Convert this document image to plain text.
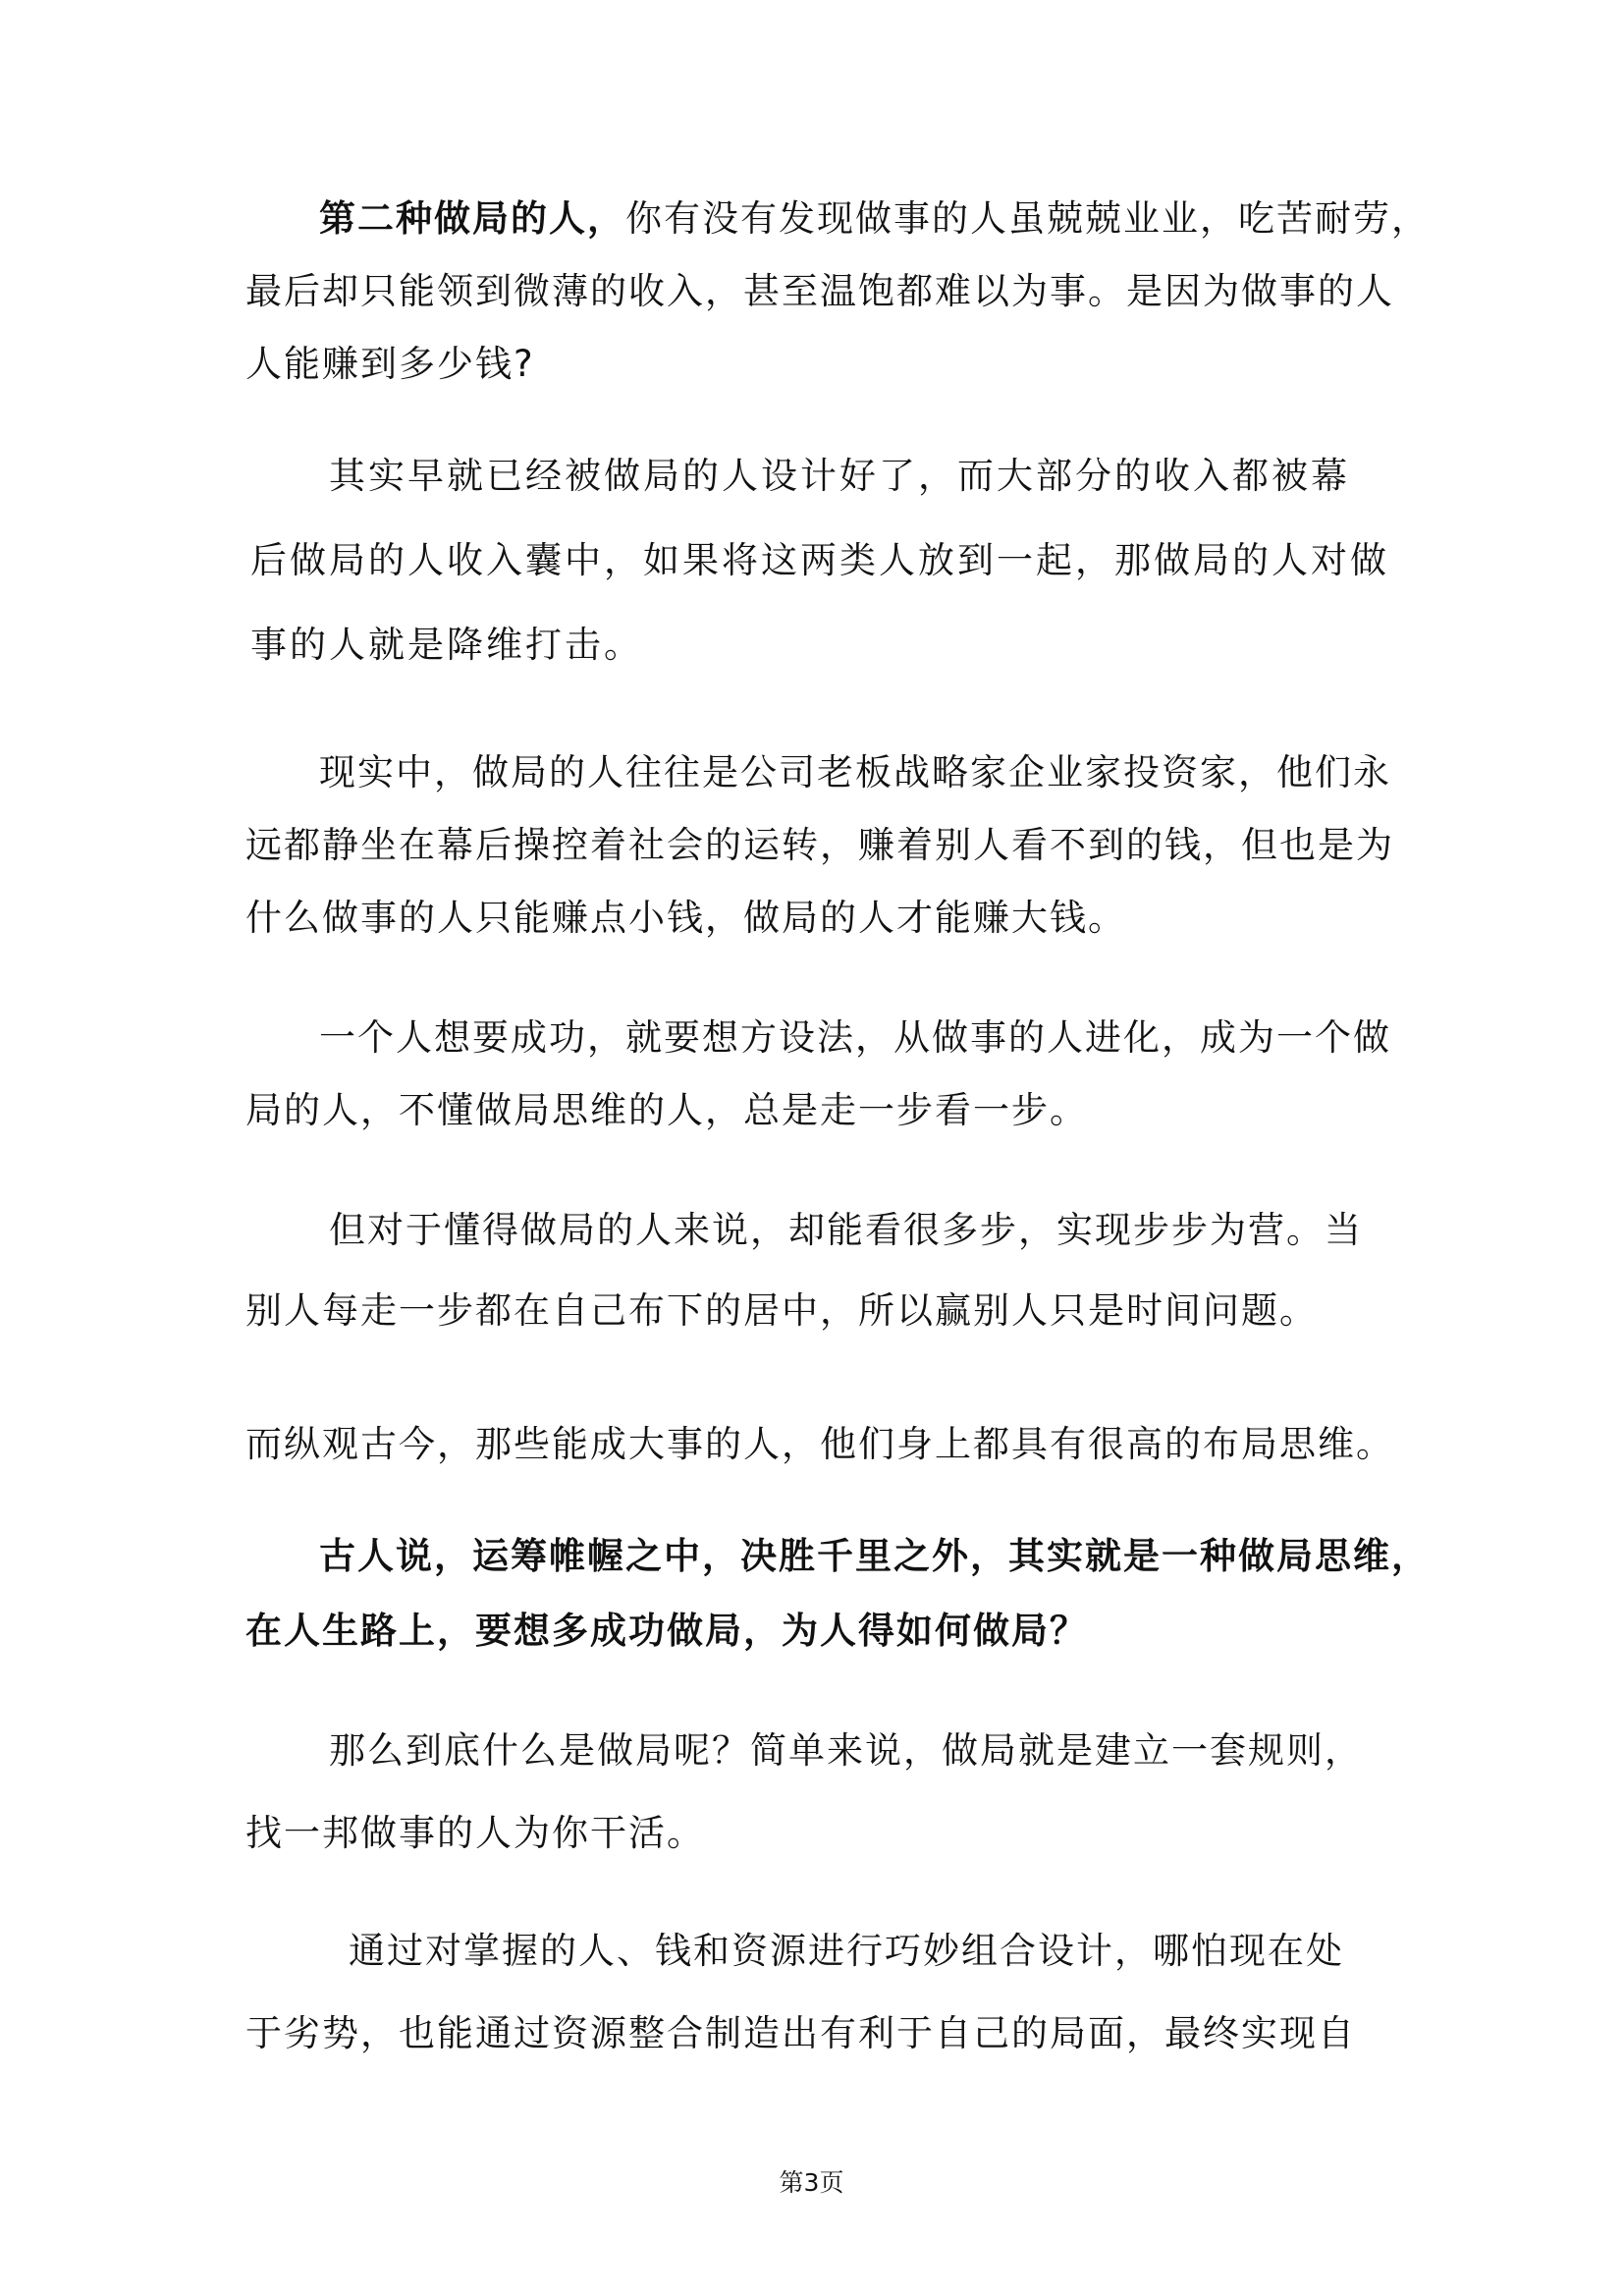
第二种做局的人，你有没有发现做事的人虽兢兢业业，吃苦耐劳，
最后却只能领到微薄的收入，甚至温饱都难以为事。是因为做事的人
人能赚到多少钱?
其实早就已经被做局的人设计好了，而大部分的收入都被幕
后做局的人收入囊中，如果将这两类人放到一起，那做局的人对做
事的人就是降维打击。
现实中，做局的人往往是公司老板战略家企业家投资家，他们永
远都静坐在幕后操控着社会的运转，赚着别人看不到的钱，但也是为
什么做事的人只能赚点小钱，做局的人才能赚大钱。
一个人想要成功，就要想方设法，从做事的人进化，成为一个做
局的人，不懂做局思维的人，总是走一步看一步。
但对于懂得做局的人来说，却能看很多步，实现步步为营。当
别人每走一步都在自己布下的居中，所以赢别人只是时间问题。
而纵观古今，那些能成大事的人，他们身上都具有很高的布局思维。
古人说，运筹帷幄之中，决胜千里之外，其实就是一种做局思维，
在人生路上，要想多成功做局，为人得如何做局？
那么到底什么是做局呢？简单来说，做局就是建立一套规则，
找一邦做事的人为你干活。
通过对掌握的人、钱和资源进行巧妙组合设计，哪怕现在处
于劣势，也能通过资源整合制造出有利于自己的局面，最终实现自
第3页
